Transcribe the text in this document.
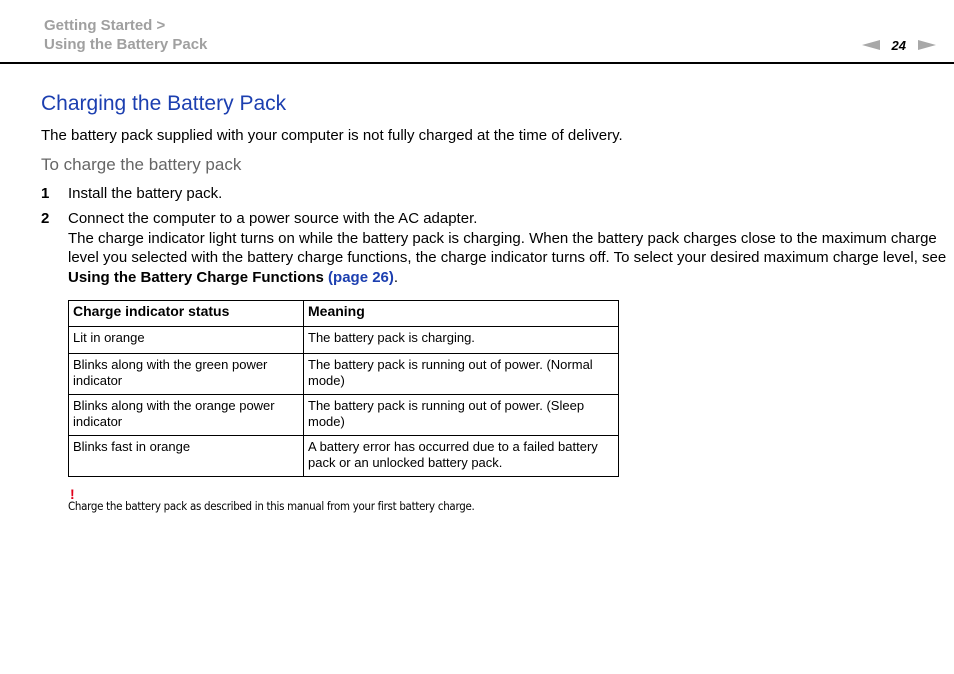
Getting Started >
Using the Battery Pack	24
Charging the Battery Pack

The battery pack supplied with your computer is not fully charged at the time of delivery.

To charge the battery pack
1	Install the battery pack.
2	Connect the computer to a power source with the AC adapter.
The charge indicator light turns on while the battery pack is charging. When the battery pack charges close to the maximum charge level you selected with the battery charge functions, the charge indicator turns off. To select your desired maximum charge level, see Using the Battery Charge Functions (page 26).
Charge indicator status	Meaning
Lit in orange	The battery pack is charging.
Blinks along with the green power indicator	The battery pack is running out of power. (Normal mode)
Blinks along with the orange power indicator	The battery pack is running out of power. (Sleep mode)
Blinks fast in orange	A battery error has occurred due to a failed battery pack or an unlocked battery pack.
!
Charge the battery pack as described in this manual from your first battery charge.
